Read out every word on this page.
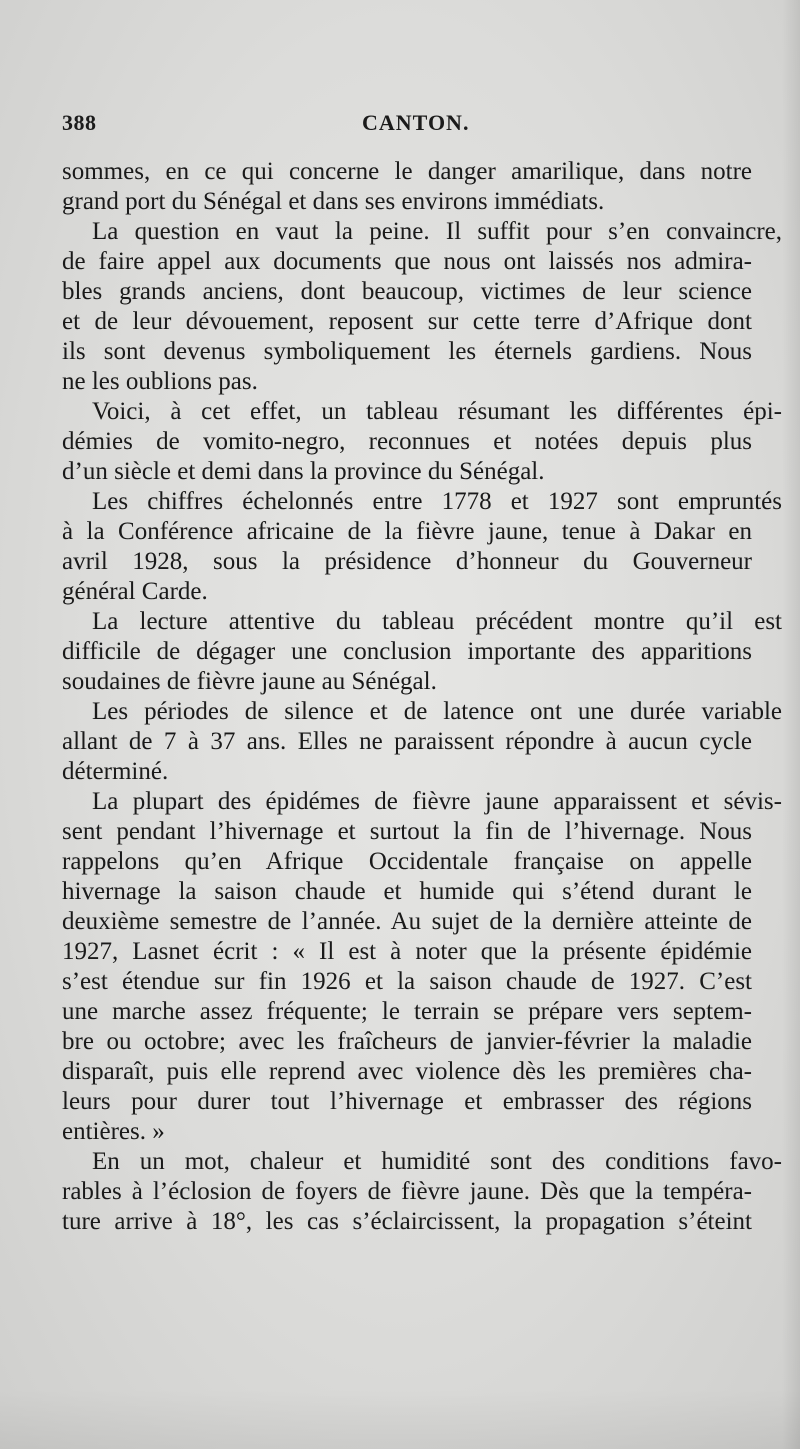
388	CANTON.
sommes, en ce qui concerne le danger amarilique, dans notre
grand port du Sénégal et dans ses environs immédiats.
La question en vaut la peine. Il suffit pour s’en convaincre,
de faire appel aux documents que nous ont laissés nos admira-
bles grands anciens, dont beaucoup, victimes de leur science
et de leur dévouement, reposent sur cette terre d’Afrique dont
ils sont devenus symboliquement les éternels gardiens. Nous
ne les oublions pas.
Voici, à cet effet, un tableau résumant les différentes épi-
démies de vomito-negro, reconnues et notées depuis plus
d’un siècle et demi dans la province du Sénégal.
Les chiffres échelonnés entre 1778 et 1927 sont empruntés
à la Conférence africaine de la fièvre jaune, tenue à Dakar en
avril 1928, sous la présidence d’honneur du Gouverneur
général Carde.
La lecture attentive du tableau précédent montre qu’il est
difficile de dégager une conclusion importante des apparitions
soudaines de fièvre jaune au Sénégal.
Les périodes de silence et de latence ont une durée variable
allant de 7 à 37 ans. Elles ne paraissent répondre à aucun cycle
déterminé.
La plupart des épidémes de fièvre jaune apparaissent et sévis-
sent pendant l’hivernage et surtout la fin de l’hivernage. Nous
rappelons qu’en Afrique Occidentale française on appelle
hivernage la saison chaude et humide qui s’étend durant le
deuxième semestre de l’année. Au sujet de la dernière atteinte de
1927, Lasnet écrit : « Il est à noter que la présente épidémie
s’est étendue sur fin 1926 et la saison chaude de 1927. C’est
une marche assez fréquente; le terrain se prépare vers septem-
bre ou octobre; avec les fraîcheurs de janvier-février la maladie
disparaît, puis elle reprend avec violence dès les premières cha-
leurs pour durer tout l’hivernage et embrasser des régions
entières. »
En un mot, chaleur et humidité sont des conditions favo-
rables à l’éclosion de foyers de fièvre jaune. Dès que la tempéra-
ture arrive à 18°, les cas s’éclaircissent, la propagation s’éteint
